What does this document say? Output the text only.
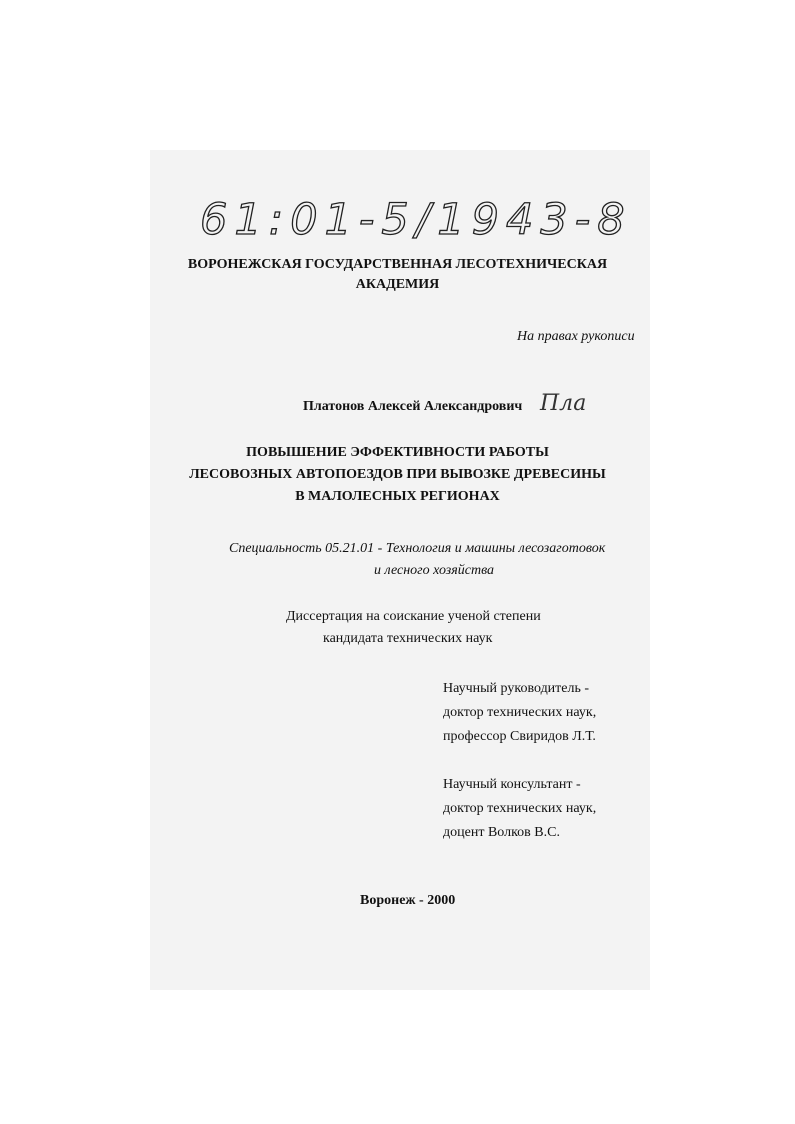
61:01-5/1943-8
ВОРОНЕЖСКАЯ ГОСУДАРСТВЕННАЯ ЛЕСОТЕХНИЧЕСКАЯ
АКАДЕМИЯ
На правах рукописи
Платонов Алексей Александрович Пла
ПОВЫШЕНИЕ ЭФФЕКТИВНОСТИ РАБОТЫ
ЛЕСОВОЗНЫХ АВТОПОЕЗДОВ ПРИ ВЫВОЗКЕ ДРЕВЕСИНЫ
В МАЛОЛЕСНЫХ РЕГИОНАХ
Специальность 05.21.01 - Технология и машины лесозаготовок
и лесного хозяйства
Диссертация на соискание ученой степени
кандидата технических наук
Научный руководитель -
доктор технических наук,
профессор Свиридов Л.Т.
Научный консультант -
доктор технических наук,
доцент Волков В.С.
Воронеж - 2000
